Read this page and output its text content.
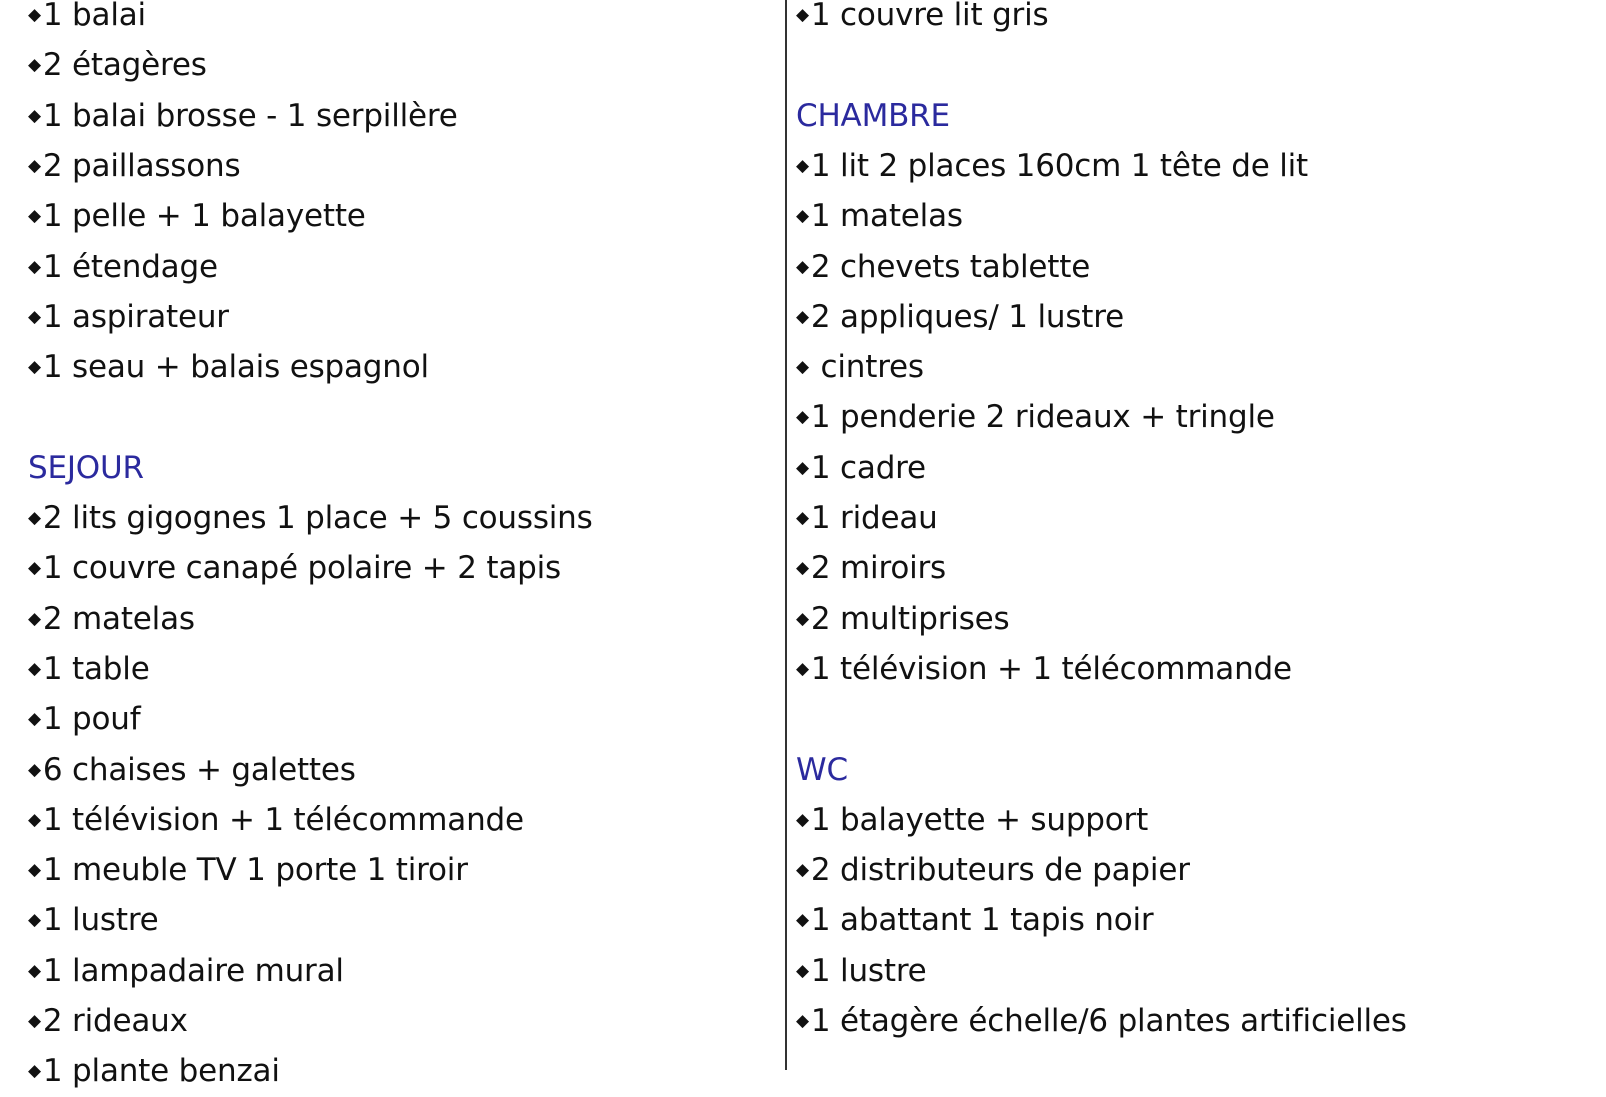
◆1 balai
◆2 étagères
◆1 balai brosse - 1 serpillère
◆2 paillassons
◆1 pelle + 1 balayette
◆1 étendage
◆1 aspirateur
◆1 seau + balais espagnol
SEJOUR
◆2 lits gigognes 1 place + 5 coussins
◆1 couvre canapé polaire + 2 tapis
◆2 matelas
◆1 table
◆1 pouf
◆6 chaises + galettes
◆1 télévision + 1 télécommande
◆1 meuble TV 1 porte 1 tiroir
◆1 lustre
◆1 lampadaire mural
◆2 rideaux
◆1 plante benzai
◆1 couvre lit gris
CHAMBRE
◆1 lit 2 places 160cm 1 tête de lit
◆1 matelas
◆2 chevets tablette
◆2 appliques/ 1 lustre
◆ cintres
◆1 penderie 2 rideaux + tringle
◆1 cadre
◆1 rideau
◆2 miroirs
◆2 multiprises
◆1 télévision + 1 télécommande
WC
◆1 balayette + support
◆2 distributeurs de papier
◆1 abattant 1 tapis noir
◆1 lustre
◆1 étagère échelle/6 plantes artificielles
